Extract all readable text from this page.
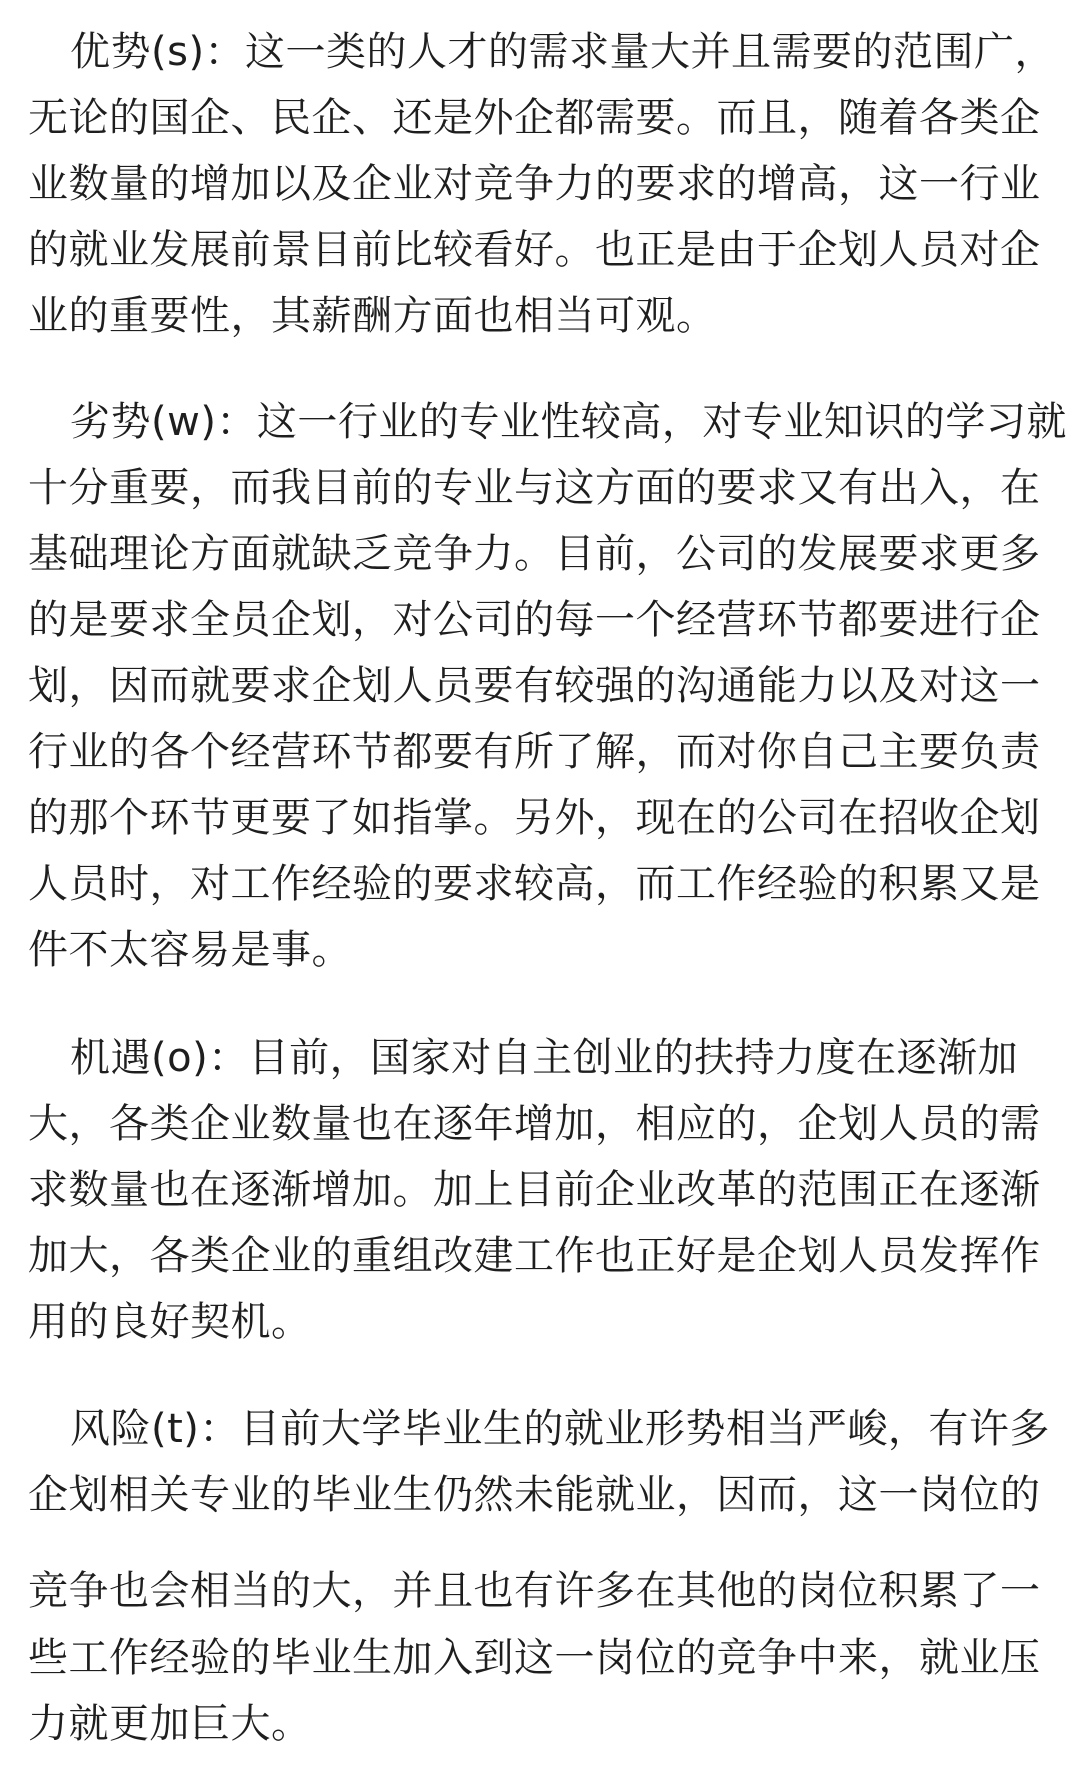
优势(s)：这一类的人才的需求量大并且需要的范围广，
无论的国企、民企、还是外企都需要。而且，随着各类企
业数量的增加以及企业对竞争力的要求的增高，这一行业
的就业发展前景目前比较看好。也正是由于企划人员对企
业的重要性，其薪酬方面也相当可观。
劣势(w)：这一行业的专业性较高，对专业知识的学习就
十分重要，而我目前的专业与这方面的要求又有出入，在
基础理论方面就缺乏竞争力。目前，公司的发展要求更多
的是要求全员企划，对公司的每一个经营环节都要进行企
划，因而就要求企划人员要有较强的沟通能力以及对这一
行业的各个经营环节都要有所了解，而对你自己主要负责
的那个环节更要了如指掌。另外，现在的公司在招收企划
人员时，对工作经验的要求较高，而工作经验的积累又是
件不太容易是事。
机遇(o)：目前，国家对自主创业的扶持力度在逐渐加
大，各类企业数量也在逐年增加，相应的，企划人员的需
求数量也在逐渐增加。加上目前企业改革的范围正在逐渐
加大，各类企业的重组改建工作也正好是企划人员发挥作
用的良好契机。
风险(t)：目前大学毕业生的就业形势相当严峻，有许多
企划相关专业的毕业生仍然未能就业，因而，这一岗位的
竞争也会相当的大，并且也有许多在其他的岗位积累了一
些工作经验的毕业生加入到这一岗位的竞争中来，就业压
力就更加巨大。
